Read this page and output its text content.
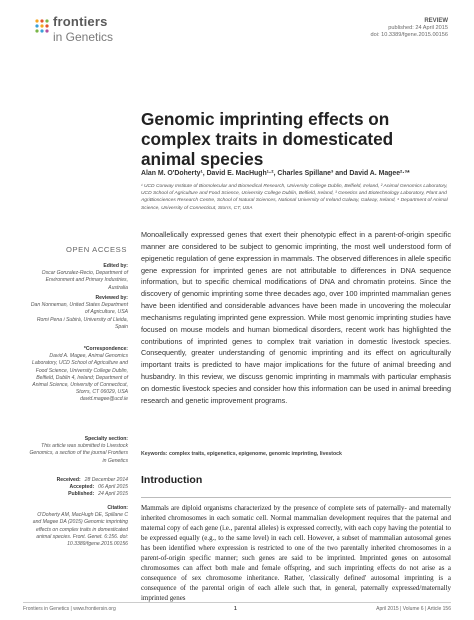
frontiers
in Genetics
REVIEW
published: 24 April 2015
doi: 10.3389/fgene.2015.00156
Genomic imprinting effects on complex traits in domesticated animal species
Alan M. O'Doherty¹, David E. MacHugh¹·², Charles Spillane³ and David A. Magee²·³*
¹ UCD Conway Institute of Biomolecular and Biomedical Research, University College Dublin, Belfield, Ireland, ² Animal Genomics Laboratory, UCD School of Agriculture and Food Science, University College Dublin, Belfield, Ireland, ³ Genetics and Biotechnology Laboratory, Plant and AgriBiosciences Research Centre, School of Natural Sciences, National University of Ireland Galway, Galway, Ireland, ⁴ Department of Animal Science, University of Connecticut, Storrs, CT, USA
Monoallelically expressed genes that exert their phenotypic effect in a parent-of-origin specific manner are considered to be subject to genomic imprinting, the most well understood form of epigenetic regulation of gene expression in mammals. The observed differences in allele specific gene expression for imprinted genes are not attributable to differences in DNA sequence information, but to specific chemical modifications of DNA and chromatin proteins. Since the discovery of genomic imprinting some three decades ago, over 100 imprinted mammalian genes have been identified and considerable advances have been made in uncovering the molecular mechanisms regulating imprinted gene expression. While most genomic imprinting studies have focused on mouse models and human biomedical disorders, recent work has highlighted the contributions of imprinted genes to complex trait variation in domestic livestock species. Consequently, greater understanding of genomic imprinting and its effect on agriculturally important traits is predicted to have major implications for the future of animal breeding and husbandry. In this review, we discuss genomic imprinting in mammals with particular emphasis on domestic livestock species and consider how this information can be used in animal breeding research and genetic improvement programs.
Keywords: complex traits, epigenetics, epigenome, genomic imprinting, livestock
OPEN ACCESS
Edited by:
Oscar Gonzalez-Recio, Department of Environment and Primary Industries, Australia
Reviewed by:
Dan Nonneman, United States Department of Agriculture, USA
Romi Pena i Subirà, University of Lleida, Spain
*Correspondence:
David A. Magee, Animal Genomics Laboratory, UCD School of Agriculture and Food Science, University College Dublin, Belfield, Dublin 4, Ireland; Department of Animal Science, University of Connecticut, Storrs, CT 06029, USA
david.magee@ucd.ie
Specialty section:
This article was submitted to Livestock Genomics, a section of the journal Frontiers in Genetics
Received: 28 December 2014
Accepted: 06 April 2015
Published: 24 April 2015
Citation:
O'Doherty AM, MacHugh DE, Spillane C and Magee DA (2015) Genomic imprinting effects on complex traits in domesticated animal species. Front. Genet. 6:156. doi: 10.3389/fgene.2015.00156
Introduction
Mammals are diploid organisms characterized by the presence of complete sets of paternally- and maternally inherited chromosomes in each somatic cell. Normal mammalian development requires that the paternal and maternal copy of each gene (i.e., parental alleles) is expressed correctly, with each copy having the potential to be expressed equally (e.g., to the same level) in each cell. However, a subset of mammalian autosomal genes has been identified where expression is restricted to one of the two parentally inherited chromosomes in a parent-of-origin specific manner; such genes are said to be imprinted. Imprinted genes on autosomal chromosomes can affect both male and female offspring, and such imprinting effects do not arise as a consequence of sex chromosome inheritance. Rather, 'classically defined' autosomal imprinting is a consequence of the parental origin of each allele such that, in general, paternally expressed/maternally imprinted genes
Frontiers in Genetics | www.frontiersin.org	1	April 2015 | Volume 6 | Article 156
